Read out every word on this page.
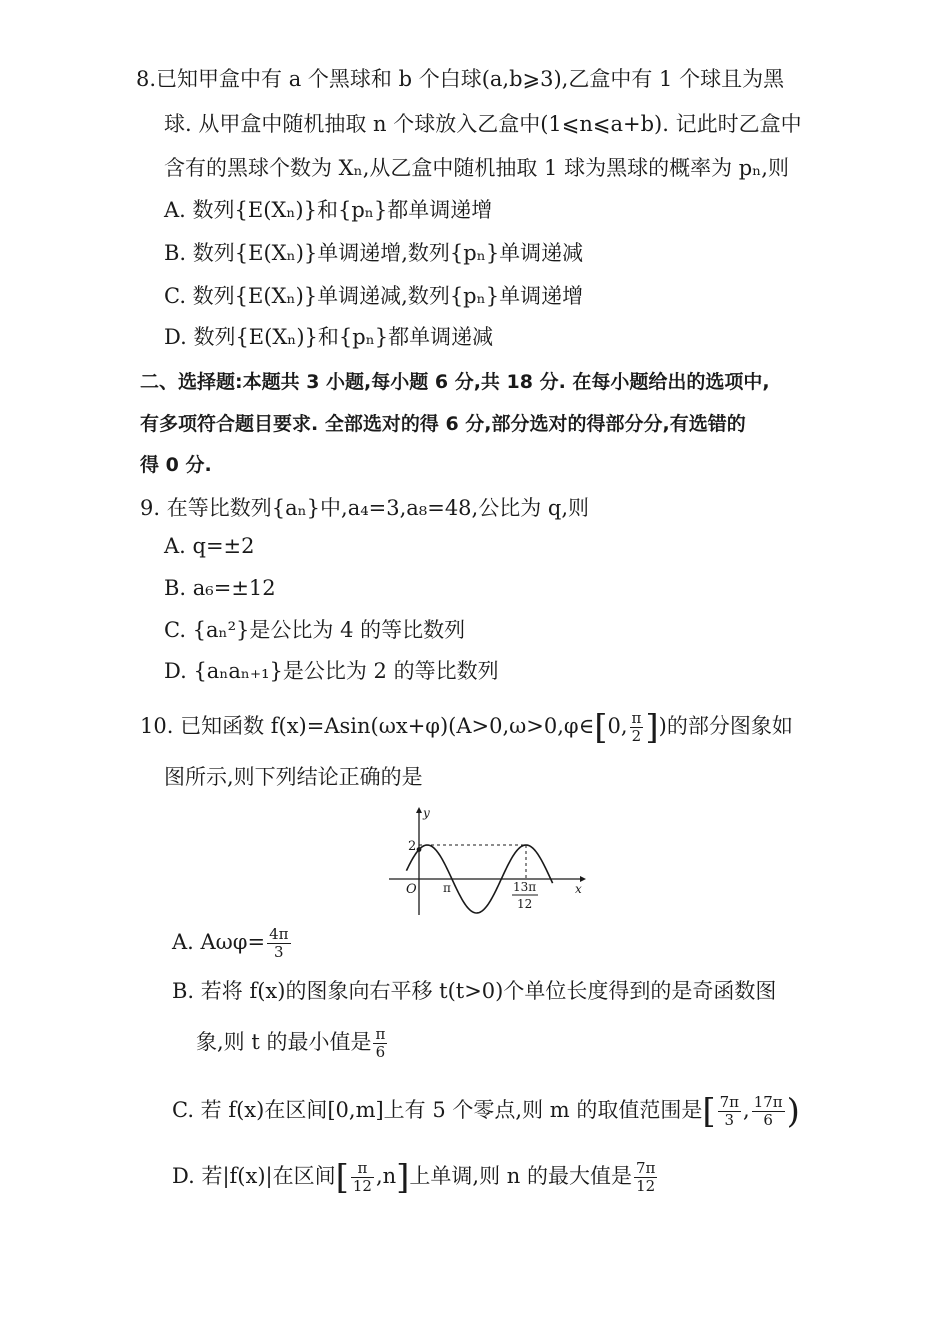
8.已知甲盒中有 a 个黑球和 b 个白球(a,b⩾3),乙盒中有 1 个球且为黑
球. 从甲盒中随机抽取 n 个球放入乙盒中(1⩽n⩽a+b). 记此时乙盒中
含有的黑球个数为 Xₙ,从乙盒中随机抽取 1 球为黑球的概率为 pₙ,则
A. 数列{E(Xₙ)}和{pₙ}都单调递增
B. 数列{E(Xₙ)}单调递增,数列{pₙ}单调递减
C. 数列{E(Xₙ)}单调递减,数列{pₙ}单调递增
D. 数列{E(Xₙ)}和{pₙ}都单调递减
二、选择题:本题共 3 小题,每小题 6 分,共 18 分. 在每小题给出的选项中,
有多项符合题目要求. 全部选对的得 6 分,部分选对的得部分分,有选错的
得 0 分.
9. 在等比数列{aₙ}中,a₄=3,a₈=48,公比为 q,则
A. q=±2
B. a₆=±12
C. {aₙ²}是公比为 4 的等比数列
D. {aₙaₙ₊₁}是公比为 2 的等比数列
10. 已知函数 f(x)=Asin(ωx+φ)(A>0,ω>0,φ∈[0, $\frac{\pi}{2}$ ])的部分图象如
图所示,则下列结论正确的是
y
x
O
2
π	13π
12
A. $A\omega\varphi= \frac{4\pi}{3}$
B. 若将 f(x)的图象向右平移 t(t>0)个单位长度得到的是奇函数图
象,则 t 的最小值是 $\frac{\pi}{6}$
C. 若 f(x)在区间[0,m]上有 5 个零点,则 m 的取值范围是[ $\frac{7\pi}{3}$ , $\frac{17\pi}{6}$ )
D. 若|f(x)|在区间[ $\frac{\pi}{12} ,n$]上单调,则 n 的最大值是 $\frac{7\pi}{12}$
